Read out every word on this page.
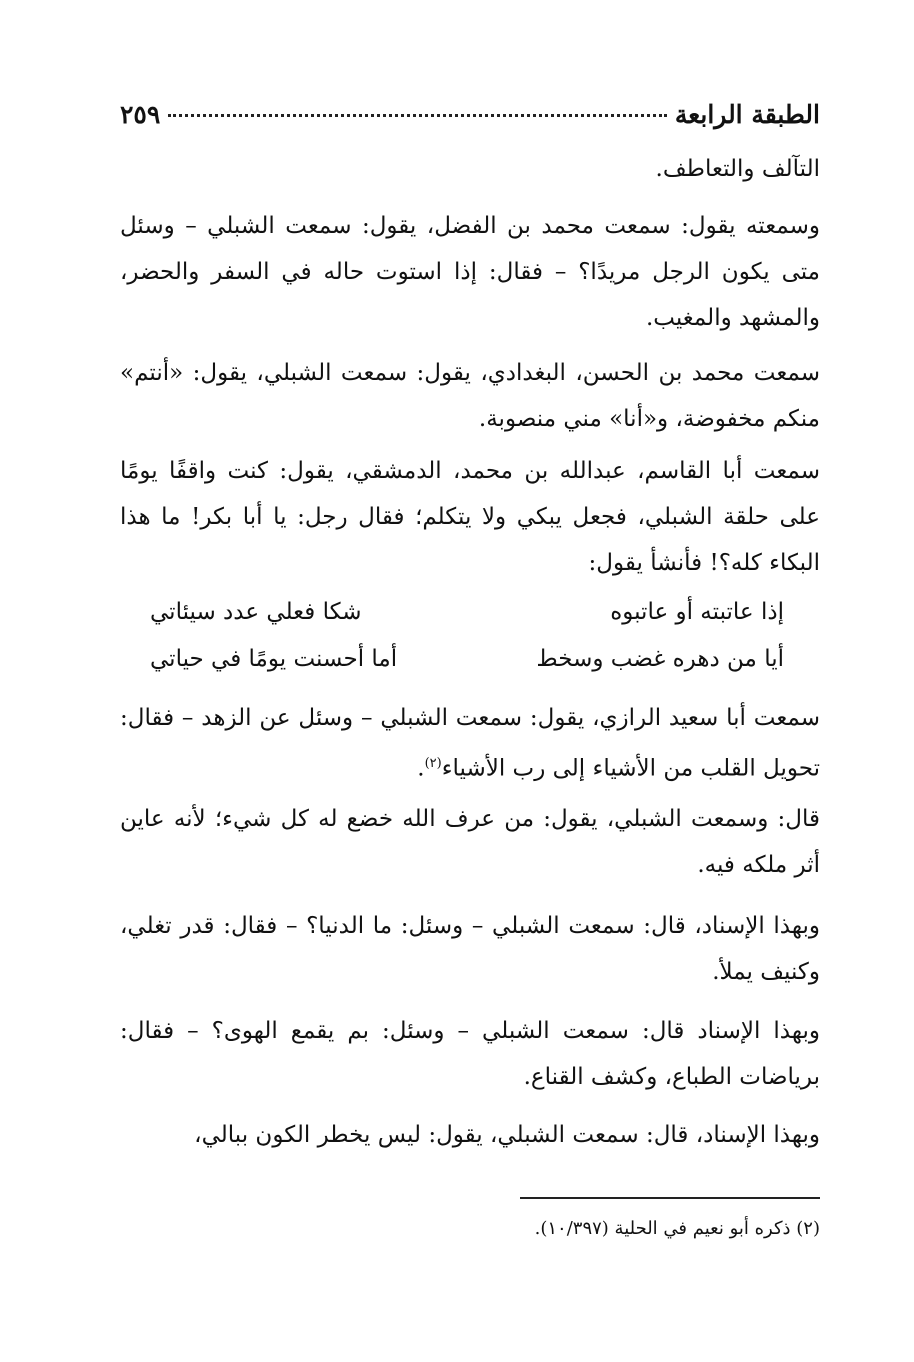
الطبقة الرابعة
٢٥٩

التآلف والتعاطف.

وسمعته يقول: سمعت محمد بن الفضل، يقول: سمعت الشبلي – وسئل متى يكون الرجل مريدًا؟ – فقال: إذا استوت حاله في السفر والحضر، والمشهد والمغيب.

سمعت محمد بن الحسن، البغدادي، يقول: سمعت الشبلي، يقول: «أنتم» منكم مخفوضة، و«أنا» مني منصوبة.

سمعت أبا القاسم، عبدالله بن محمد، الدمشقي، يقول: كنت واقفًا يومًا على حلقة الشبلي، فجعل يبكي ولا يتكلم؛ فقال رجل: يا أبا بكر! ما هذا البكاء كله؟! فأنشأ يقول:

إذا عاتبته أو عاتبوه
شكا فعلي عدد سيئاتي
أيا من دهره غضب وسخط
أما أحسنت يومًا في حياتي

سمعت أبا سعيد الرازي، يقول: سمعت الشبلي – وسئل عن الزهد – فقال: تحويل القلب من الأشياء إلى رب الأشياء$^{(٢)}$.

قال: وسمعت الشبلي، يقول: من عرف الله خضع له كل شيء؛ لأنه عاين أثر ملكه فيه.

وبهذا الإسناد، قال: سمعت الشبلي – وسئل: ما الدنيا؟ – فقال: قدر تغلي، وكنيف يملأ.

وبهذا الإسناد قال: سمعت الشبلي – وسئل: بم يقمع الهوى؟ – فقال: برياضات الطباع، وكشف القناع.

وبهذا الإسناد، قال: سمعت الشبلي، يقول: ليس يخطر الكون ببالي،

(٢) ذكره أبو نعيم في الحلية (١٠/٣٩٧).
